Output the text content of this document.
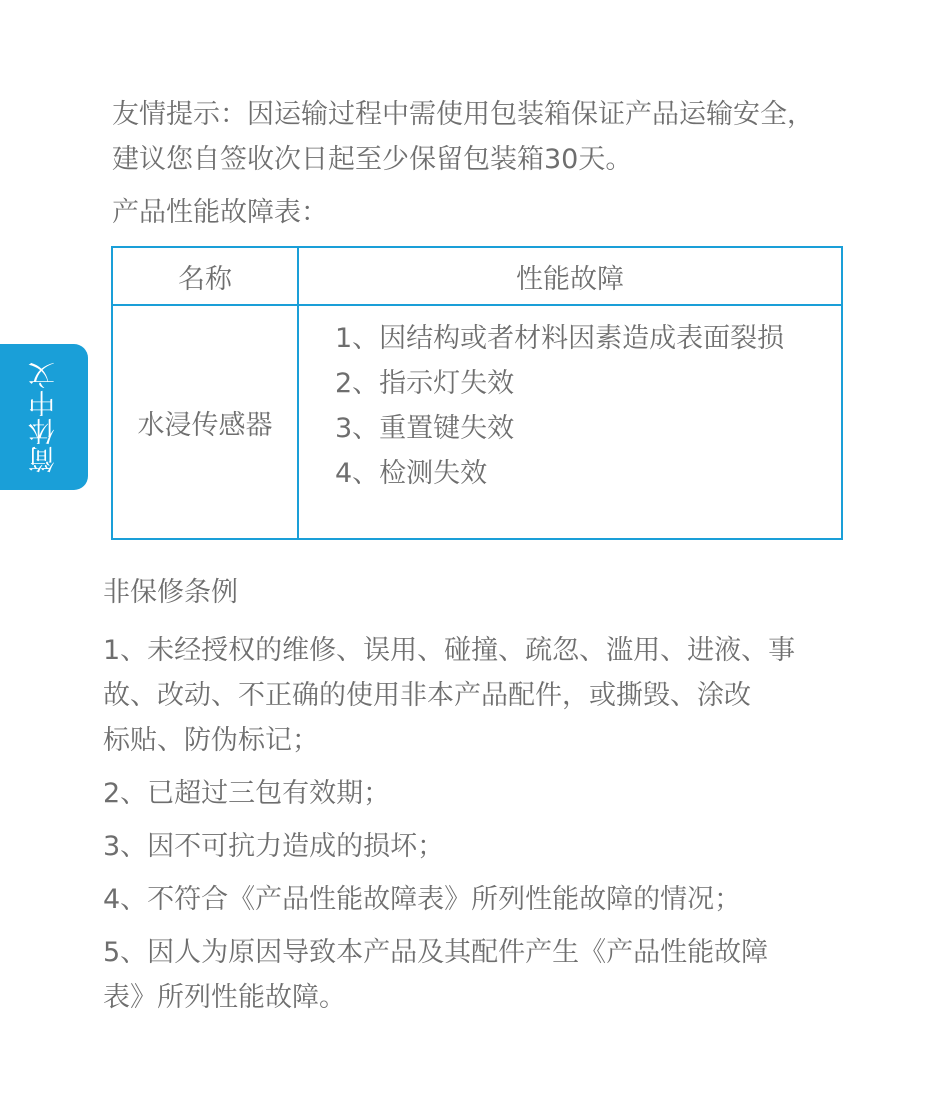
简体中文

友情提示：因运输过程中需使用包装箱保证产品运输安全，

建议您自签收次日起至少保留包装箱30天。

产品性能故障表：
名称	性能故障
水浸传感器	1、因结构或者材料因素造成表面裂损
2、指示灯失效
3、重置键失效
4、检测失效
非保修条例

1、未经授权的维修、误用、碰撞、疏忽、滥用、进液、事

故、改动、不正确的使用非本产品配件，或撕毁、涂改

标贴、防伪标记；

2、已超过三包有效期；

3、因不可抗力造成的损坏；

4、不符合《产品性能故障表》所列性能故障的情况；

5、因人为原因导致本产品及其配件产生《产品性能故障

表》所列性能故障。
